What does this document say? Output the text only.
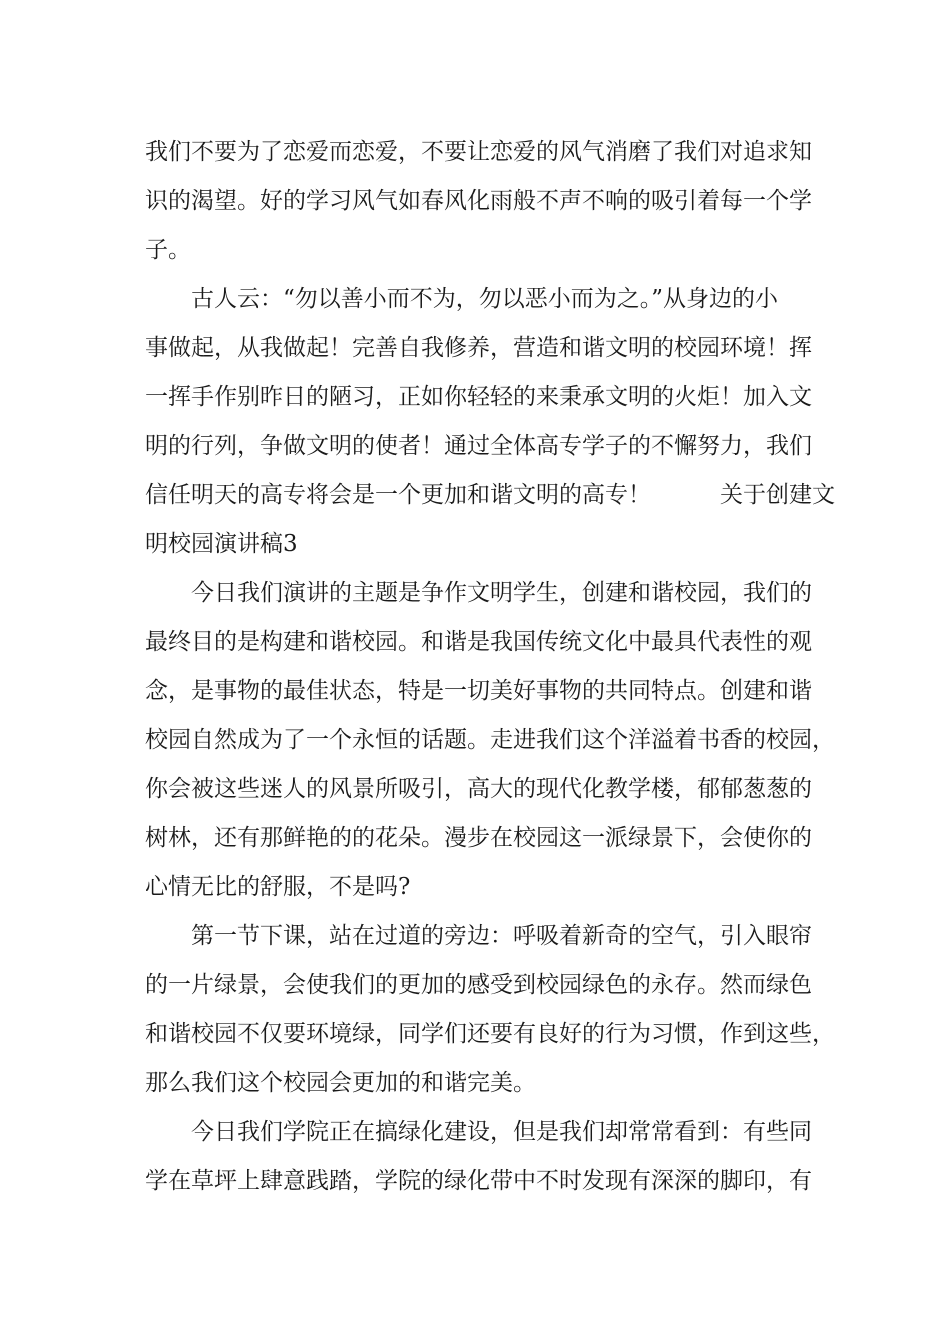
我们不要为了恋爱而恋爱，不要让恋爱的风气消磨了我们对追求知
识的渴望。好的学习风气如春风化雨般不声不响的吸引着每一个学
子。
　　古人云：“勿以善小而不为，勿以恶小而为之。”从身边的小
事做起，从我做起！完善自我修养，营造和谐文明的校园环境！挥
一挥手作别昨日的陋习，正如你轻轻的来秉承文明的火炬！加入文
明的行列，争做文明的使者！通过全体高专学子的不懈努力，我们
信任明天的高专将会是一个更加和谐文明的高专！　　　关于创建文
明校园演讲稿3
　　今日我们演讲的主题是争作文明学生，创建和谐校园，我们的
最终目的是构建和谐校园。和谐是我国传统文化中最具代表性的观
念，是事物的最佳状态，特是一切美好事物的共同特点。创建和谐
校园自然成为了一个永恒的话题。走进我们这个洋溢着书香的校园，
你会被这些迷人的风景所吸引，高大的现代化教学楼，郁郁葱葱的
树林，还有那鲜艳的的花朵。漫步在校园这一派绿景下，会使你的
心情无比的舒服，不是吗?
　　第一节下课，站在过道的旁边：呼吸着新奇的空气，引入眼帘
的一片绿景，会使我们的更加的感受到校园绿色的永存。然而绿色
和谐校园不仅要环境绿，同学们还要有良好的行为习惯，作到这些，
那么我们这个校园会更加的和谐完美。
　　今日我们学院正在搞绿化建设，但是我们却常常看到：有些同
学在草坪上肆意践踏，学院的绿化带中不时发现有深深的脚印，有
